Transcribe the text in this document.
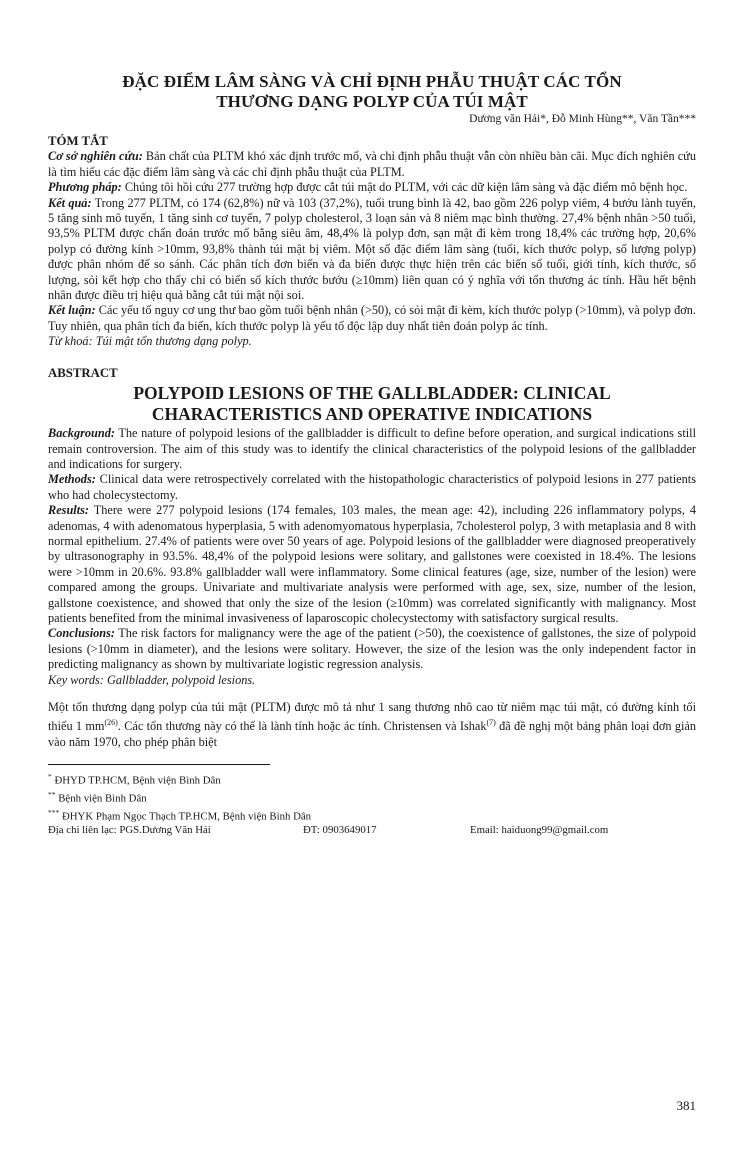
ĐẶC ĐIỂM LÂM SÀNG VÀ CHỈ ĐỊNH PHẪU THUẬT CÁC TỔN
THƯƠNG DẠNG POLYP CỦA TÚI MẬT
Dương văn Hải*, Đỗ Minh Hùng**, Văn Tần***
TÓM TẮT

Cơ sở nghiên cứu: Bản chất của PLTM khó xác định trước mổ, và chỉ định phẫu thuật vẫn còn nhiều bàn cãi. Mục đích nghiên cứu là tìm hiểu các đặc điểm lâm sàng và các chỉ định phẫu thuật của PLTM.

Phương pháp: Chúng tôi hồi cứu 277 trường hợp được cắt túi mật do PLTM, với các dữ kiện lâm sàng và đặc điểm mô bệnh học.

Kết quả: Trong 277 PLTM, có 174 (62,8%) nữ và 103 (37,2%), tuổi trung bình là 42, bao gồm 226 polyp viêm, 4 bướu lành tuyến, 5 tăng sinh mô tuyến, 1 tăng sinh cơ tuyến, 7 polyp cholesterol, 3 loạn sản và 8 niêm mạc bình thường. 27,4% bệnh nhân >50 tuổi, 93,5% PLTM được chẩn đoán trước mổ bằng siêu âm, 48,4% là polyp đơn, sạn mật đi kèm trong 18,4% các trường hợp, 20,6% polyp có đường kính >10mm, 93,8% thành túi mật bị viêm. Một số đặc điểm lâm sàng (tuổi, kích thước polyp, số lượng polyp) được phân nhóm để so sánh. Các phân tích đơn biến và đa biến được thực hiện trên các biến số tuổi, giới tính, kích thước, số lượng, sỏi kết hợp cho thấy chỉ có biến số kích thước bướu (≥10mm) liên quan có ý nghĩa với tổn thương ác tính. Hầu hết bệnh nhân được điều trị hiệu quả bằng cắt túi mật nội soi.

Kết luận: Các yếu tố nguy cơ ung thư bao gồm tuổi bệnh nhân (>50), có sỏi mật đi kèm, kích thước polyp (>10mm), và polyp đơn. Tuy nhiên, qua phân tích đa biến, kích thước polyp là yếu tố độc lập duy nhất tiên đoán polyp ác tính.

Từ khoá: Túi mật tổn thương dạng polyp.

ABSTRACT
POLYPOID LESIONS OF THE GALLBLADDER: CLINICAL
CHARACTERISTICS AND OPERATIVE INDICATIONS

Background: The nature of polypoid lesions of the gallbladder is difficult to define before operation, and surgical indications still remain controversion. The aim of this study was to identify the clinical characteristics of the polypoid lesions of the gallbladder and indications for surgery.

Methods: Clinical data were retrospectively correlated with the histopathologic characteristics of polypoid lesions in 277 patients who had cholecystectomy.

Results: There were 277 polypoid lesions (174 females, 103 males, the mean age: 42), including 226 inflammatory polyps, 4 adenomas, 4 with adenomatous hyperplasia, 5 with adenomyomatous hyperplasia, 7cholesterol polyp, 3 with metaplasia and 8 with normal epithelium. 27.4% of patients were over 50 years of age. Polypoid lesions of the gallbladder were diagnosed preoperatively by ultrasonography in 93.5%. 48,4% of the polypoid lesions were solitary, and gallstones were coexisted in 18.4%. The lesions were >10mm in 20.6%. 93.8% gallbladder wall were inflammatory. Some clinical features (age, size, number of the lesion) were compared among the groups. Univariate and multivariate analysis were performed with age, sex, size, number of the lesion, gallstone coexistence, and showed that only the size of the lesion (≥10mm) was correlated significantly with malignancy. Most patients benefited from the minimal invasiveness of laparoscopic cholecystectomy with satisfactory surgical results.

Conclusions: The risk factors for malignancy were the age of the patient (>50), the coexistence of gallstones, the size of polypoid lesions (>10mm in diameter), and the lesions were solitary. However, the size of the lesion was the only independent factor in predicting malignancy as shown by multivariate logistic regression analysis.

Key words: Gallbladder, polypoid lesions.

Một tổn thương dạng polyp của túi mật (PLTM) được mô tả như 1 sang thương nhô cao từ niêm mạc túi mật, có đường kính tối thiểu 1 $mm^{(26)}$. Các tổn thương này có thể là lành tính hoặc ác tính. Christensen và Ishak$^{(7)}$ đã đề nghị một bảng phân loại đơn giản vào năm 1970, cho phép phân biệt

* ĐHYD TP.HCM, Bệnh viện Bình Dân
** Bệnh viện Bình Dân
*** ĐHYK Phạm Ngọc Thạch TP.HCM, Bệnh viện Bình Dân
Địa chỉ liên lạc: PGS.Dương Văn Hải	ĐT: 0903649017	Email: haiduong99@gmail.com
381
